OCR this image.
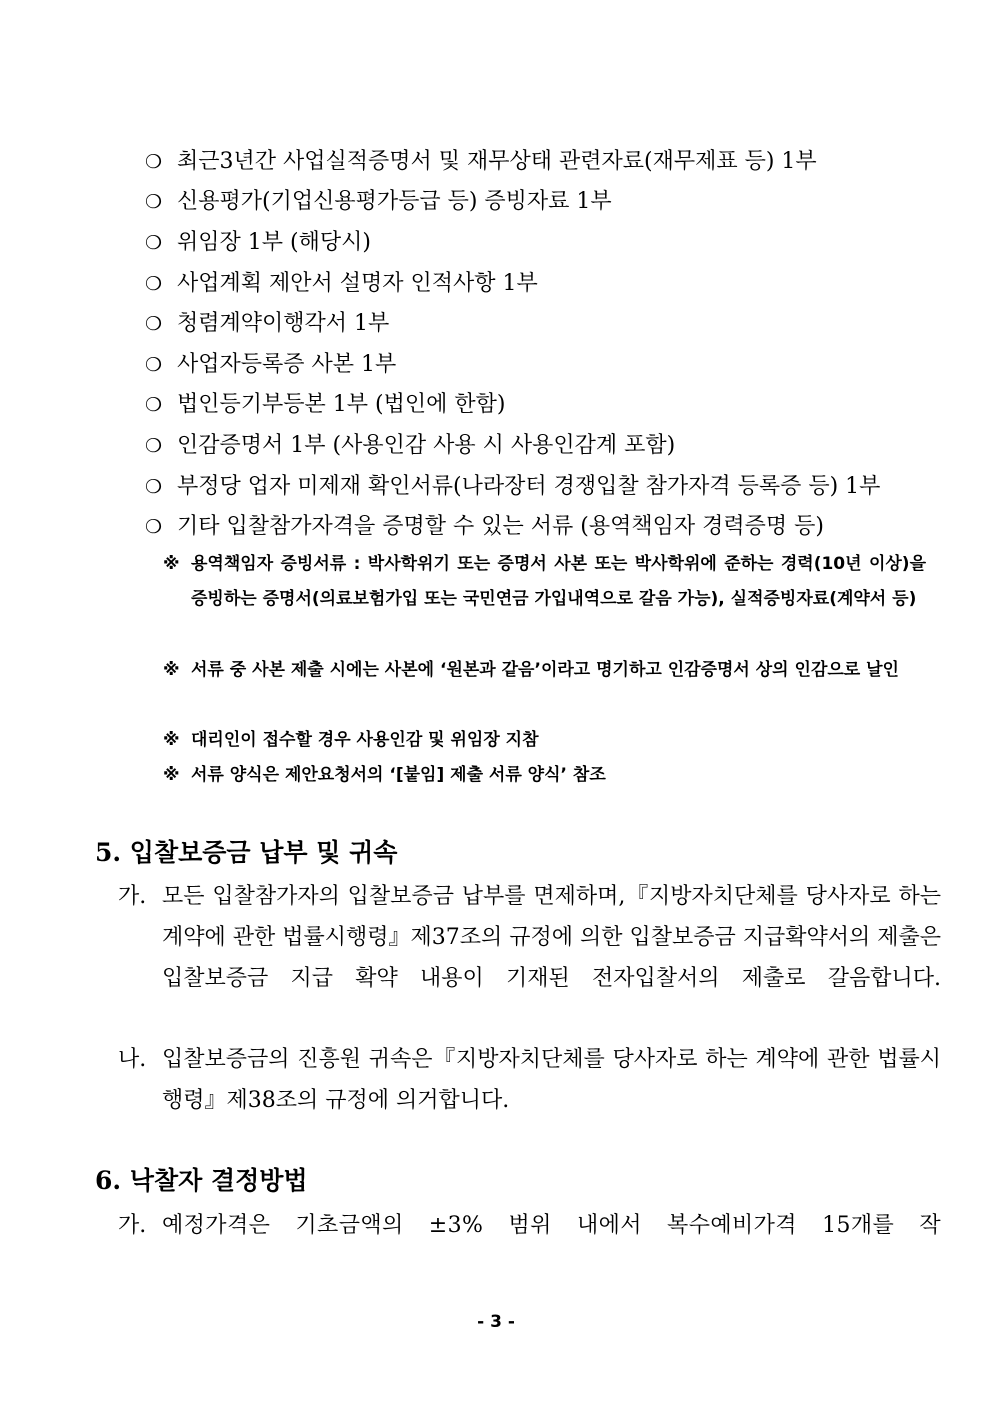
❍ 최근3년간 사업실적증명서 및 재무상태 관련자료(재무제표 등) 1부
❍ 신용평가(기업신용평가등급 등) 증빙자료 1부
❍ 위임장 1부 (해당시)
❍ 사업계획 제안서 설명자 인적사항 1부
❍ 청렴계약이행각서 1부
❍ 사업자등록증 사본 1부
❍ 법인등기부등본 1부 (법인에 한함)
❍ 인감증명서 1부 (사용인감 사용 시 사용인감계 포함)
❍ 부정당 업자 미제재 확인서류(나라장터 경쟁입찰 참가자격 등록증 등) 1부
❍ 기타 입찰참가자격을 증명할 수 있는 서류 (용역책임자 경력증명 등)
※ 용역책임자 증빙서류 : 박사학위기 또는 증명서 사본 또는 박사학위에 준하는 경력(10년 이상)을 증빙하는 증명서(의료보험가입 또는 국민연금 가입내역으로 갈음 가능), 실적증빙자료(계약서 등)
※ 서류 중 사본 제출 시에는 사본에 ‘원본과 같음’이라고 명기하고 인감증명서 상의 인감으로 날인
※ 대리인이 접수할 경우 사용인감 및 위임장 지참
※ 서류 양식은 제안요청서의 ‘[붙임] 제출 서류 양식’ 참조
5. 입찰보증금 납부 및 귀속
가. 모든 입찰참가자의 입찰보증금 납부를 면제하며,『지방자치단체를 당사자로 하는 계약에 관한 법률시행령』제37조의 규정에 의한 입찰보증금 지급확약서의 제출은 입찰보증금 지급 확약 내용이 기재된 전자입찰서의 제출로 갈음합니다.
나. 입찰보증금의 진흥원 귀속은『지방자치단체를 당사자로 하는 계약에 관한 법률시행령』제38조의 규정에 의거합니다.
6. 낙찰자 결정방법
가. 예정가격은 기초금액의 ±3% 범위 내에서 복수예비가격 15개를 작
- 3 -
